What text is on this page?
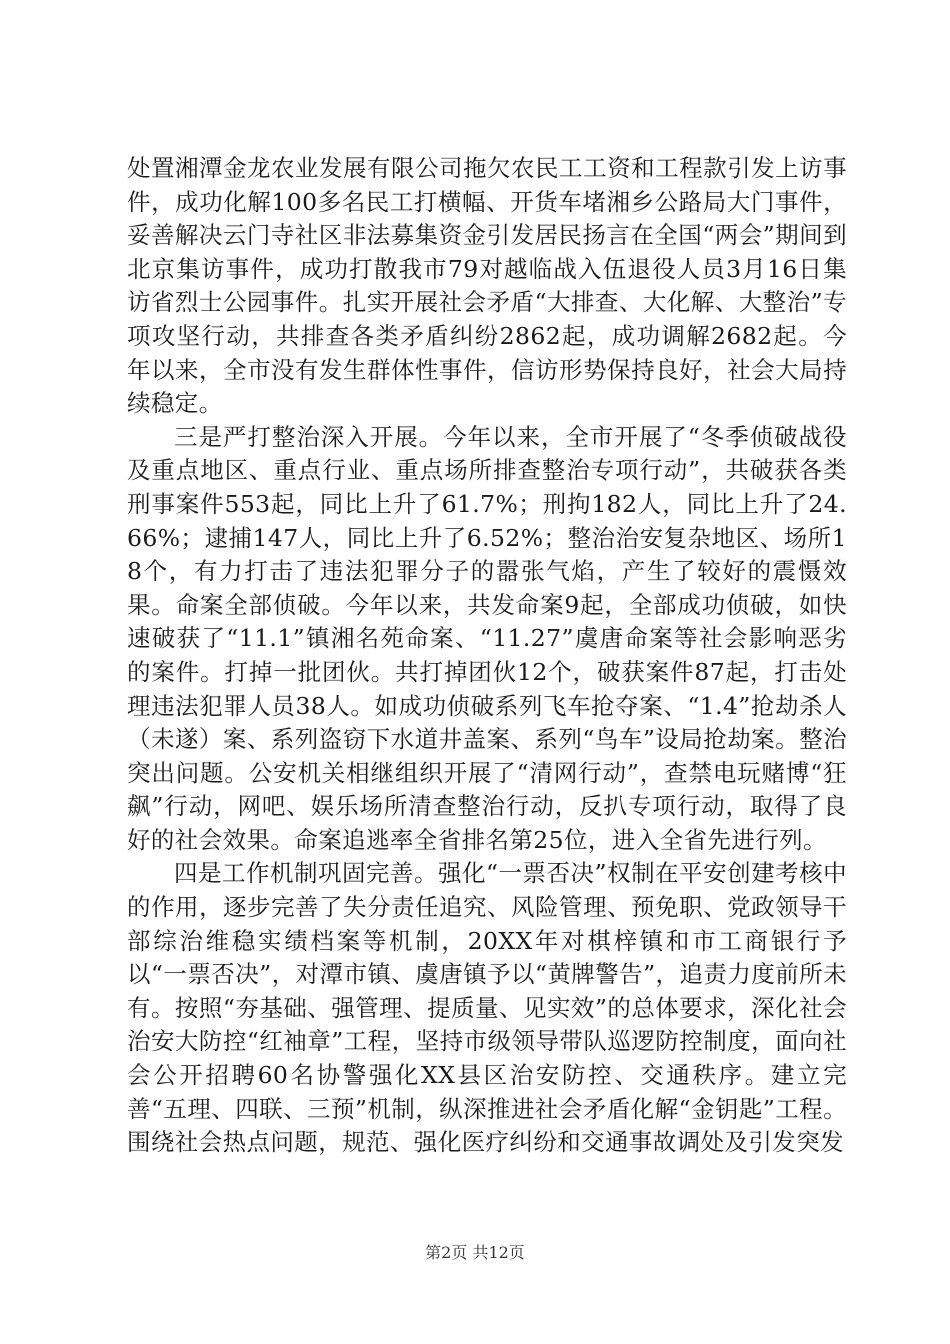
处置湘潭金龙农业发展有限公司拖欠农民工工资和工程款引发上访事件，成功化解100多名民工打横幅、开货车堵湘乡公路局大门事件，妥善解决云门寺社区非法募集资金引发居民扬言在全国“两会”期间到北京集访事件，成功打散我市79对越临战入伍退役人员3月16日集访省烈士公园事件。扎实开展社会矛盾“大排查、大化解、大整治”专项攻坚行动，共排查各类矛盾纠纷2862起，成功调解2682起。今年以来，全市没有发生群体性事件，信访形势保持良好，社会大局持续稳定。

三是严打整治深入开展。今年以来，全市开展了“冬季侦破战役及重点地区、重点行业、重点场所排查整治专项行动”，共破获各类刑事案件553起，同比上升了61.7%；刑拘182人，同比上升了24.66%；逮捕147人，同比上升了6.52%；整治治安复杂地区、场所18个，有力打击了违法犯罪分子的嚣张气焰，产生了较好的震慑效果。命案全部侦破。今年以来，共发命案9起，全部成功侦破，如快速破获了“11.1”镇湘名苑命案、“11.27”虞唐命案等社会影响恶劣的案件。打掉一批团伙。共打掉团伙12个，破获案件87起，打击处理违法犯罪人员38人。如成功侦破系列飞车抢夺案、“1.4”抢劫杀人（未遂）案、系列盗窃下水道井盖案、系列“鸟车”设局抢劫案。整治突出问题。公安机关相继组织开展了“清网行动”，查禁电玩赌博“狂飙”行动，网吧、娱乐场所清查整治行动，反扒专项行动，取得了良好的社会效果。命案追逃率全省排名第25位，进入全省先进行列。

四是工作机制巩固完善。强化“一票否决”权制在平安创建考核中的作用，逐步完善了失分责任追究、风险管理、预免职、党政领导干部综治维稳实绩档案等机制，20XX年对棋梓镇和市工商银行予以“一票否决”，对潭市镇、虞唐镇予以“黄牌警告”，追责力度前所未有。按照“夯基础、强管理、提质量、见实效”的总体要求，深化社会治安大防控“红袖章”工程，坚持市级领导带队巡逻防控制度，面向社会公开招聘60名协警强化XX县区治安防控、交通秩序。建立完善“五理、四联、三预”机制，纵深推进社会矛盾化解“金钥匙”工程。围绕社会热点问题，规范、强化医疗纠纷和交通事故调处及引发突发

第2页 共12页
